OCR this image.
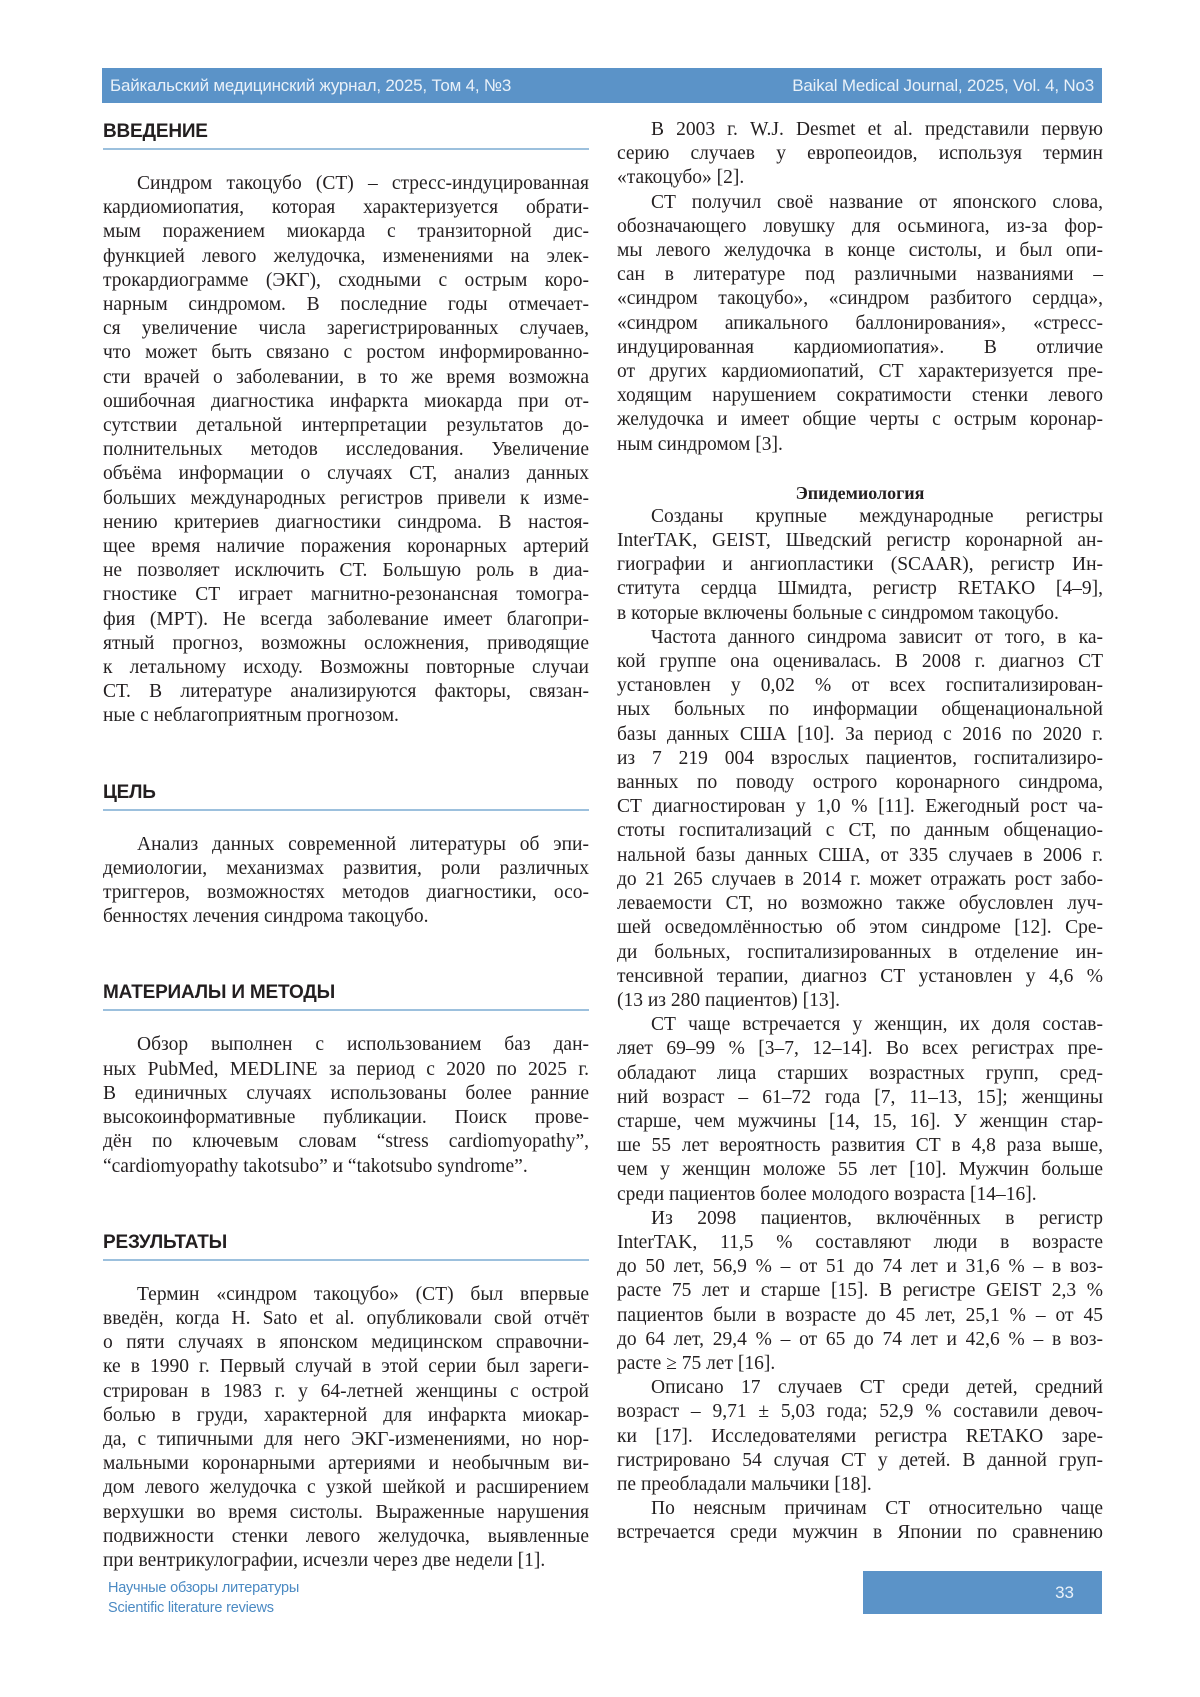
Байкальский медицинский журнал, 2025, Том 4, №3	Baikal Medical Journal, 2025, Vol. 4, No3
ВВЕДЕНИЕ
Синдром такоцубо (СТ) – стресс-индуцированная
кардиомиопатия, которая характеризуется обрати-
мым поражением миокарда с транзиторной дис-
функцией левого желудочка, изменениями на элек-
трокардиограмме (ЭКГ), сходными с острым коро-
нарным синдромом. В последние годы отмечает-
ся увеличение числа зарегистрированных случаев,
что может быть связано с ростом информированно-
сти врачей о заболевании, в то же время возможна
ошибочная диагностика инфаркта миокарда при от-
сутствии детальной интерпретации результатов до-
полнительных методов исследования. Увеличение
объёма информации о случаях СТ, анализ данных
больших международных регистров привели к изме-
нению критериев диагностики синдрома. В настоя-
щее время наличие поражения коронарных артерий
не позволяет исключить СТ. Большую роль в диа-
гностике СТ играет магнитно-резонансная томогра-
фия (МРТ). Не всегда заболевание имеет благопри-
ятный прогноз, возможны осложнения, приводящие
к летальному исходу. Возможны повторные случаи
СТ. В литературе анализируются факторы, связан-
ные с неблагоприятным прогнозом.
ЦЕЛЬ
Анализ данных современной литературы об эпи-
демиологии, механизмах развития, роли различных
триггеров, возможностях методов диагностики, осо-
бенностях лечения синдрома такоцубо.
МАТЕРИАЛЫ И МЕТОДЫ
Обзор выполнен с использованием баз дан-
ных PubMed, MEDLINE за период с 2020 по 2025 г.
В единичных случаях использованы более ранние
высокоинформативные публикации. Поиск прове-
дён по ключевым словам “stress cardiomyopathy”,
“cardiomyopathy takotsubo” и “takotsubo syndrome”.
РЕЗУЛЬТАТЫ
Термин «синдром такоцубо» (СТ) был впервые
введён, когда H. Sato et al. опубликовали свой отчёт
о пяти случаях в японском медицинском справочни-
ке в 1990 г. Первый случай в этой серии был зареги-
стрирован в 1983 г. у 64-летней женщины с острой
болью в груди, характерной для инфаркта миокар-
да, с типичными для него ЭКГ-изменениями, но нор-
мальными коронарными артериями и необычным ви-
дом левого желудочка с узкой шейкой и расширением
верхушки во время систолы. Выраженные нарушения
подвижности стенки левого желудочка, выявленные
при вентрикулографии, исчезли через две недели [1].
В 2003 г. W.J. Desmet et al. представили первую
серию случаев у европеоидов, используя термин
«такоцубо» [2].
СТ получил своё название от японского слова,
обозначающего ловушку для осьминога, из-за фор-
мы левого желудочка в конце систолы, и был опи-
сан в литературе под различными названиями –
«синдром такоцубо», «синдром разбитого сердца»,
«синдром апикального баллонирования», «стресс-
индуцированная кардиомиопатия». В отличие
от других кардиомиопатий, СТ характеризуется пре-
ходящим нарушением сократимости стенки левого
желудочка и имеет общие черты с острым коронар-
ным синдромом [3].
Эпидемиология
Созданы крупные международные регистры
InterTAK, GEIST, Шведский регистр коронарной ан-
гиографии и ангиопластики (SCAAR), регистр Ин-
ститута сердца Шмидта, регистр RETAKO [4–9],
в которые включены больные с синдромом такоцубо.
Частота данного синдрома зависит от того, в ка-
кой группе она оценивалась. В 2008 г. диагноз СТ
установлен у 0,02 % от всех госпитализирован-
ных больных по информации общенациональной
базы данных США [10]. За период с 2016 по 2020 г.
из 7 219 004 взрослых пациентов, госпитализиро-
ванных по поводу острого коронарного синдрома,
СТ диагностирован у 1,0 % [11]. Ежегодный рост ча-
стоты госпитализаций с СТ, по данным общенацио-
нальной базы данных США, от 335 случаев в 2006 г.
до 21 265 случаев в 2014 г. может отражать рост забо-
леваемости СТ, но возможно также обусловлен луч-
шей осведомлённостью об этом синдроме [12]. Сре-
ди больных, госпитализированных в отделение ин-
тенсивной терапии, диагноз СТ установлен у 4,6 %
(13 из 280 пациентов) [13].
СТ чаще встречается у женщин, их доля состав-
ляет 69–99 % [3–7, 12–14]. Во всех регистрах пре-
обладают лица старших возрастных групп, сред-
ний возраст – 61–72 года [7, 11–13, 15]; женщины
старше, чем мужчины [14, 15, 16]. У женщин стар-
ше 55 лет вероятность развития СТ в 4,8 раза выше,
чем у женщин моложе 55 лет [10]. Мужчин больше
среди пациентов более молодого возраста [14–16].
Из 2098 пациентов, включённых в регистр
InterTAK, 11,5 % составляют люди в возрасте
до 50 лет, 56,9 % – от 51 до 74 лет и 31,6 % – в воз-
расте 75 лет и старше [15]. В регистре GEIST 2,3 %
пациентов были в возрасте до 45 лет, 25,1 % – от 45
до 64 лет, 29,4 % – от 65 до 74 лет и 42,6 % – в воз-
расте ≥ 75 лет [16].
Описано 17 случаев СТ среди детей, средний
возраст – 9,71 ± 5,03 года; 52,9 % составили девоч-
ки [17]. Исследователями регистра RETAKO заре-
гистрировано 54 случая СТ у детей. В данной груп-
пе преобладали мальчики [18].
По неясным причинам СТ относительно чаще
встречается среди мужчин в Японии по сравнению
Научные обзоры литературы
Scientific literature reviews
33
